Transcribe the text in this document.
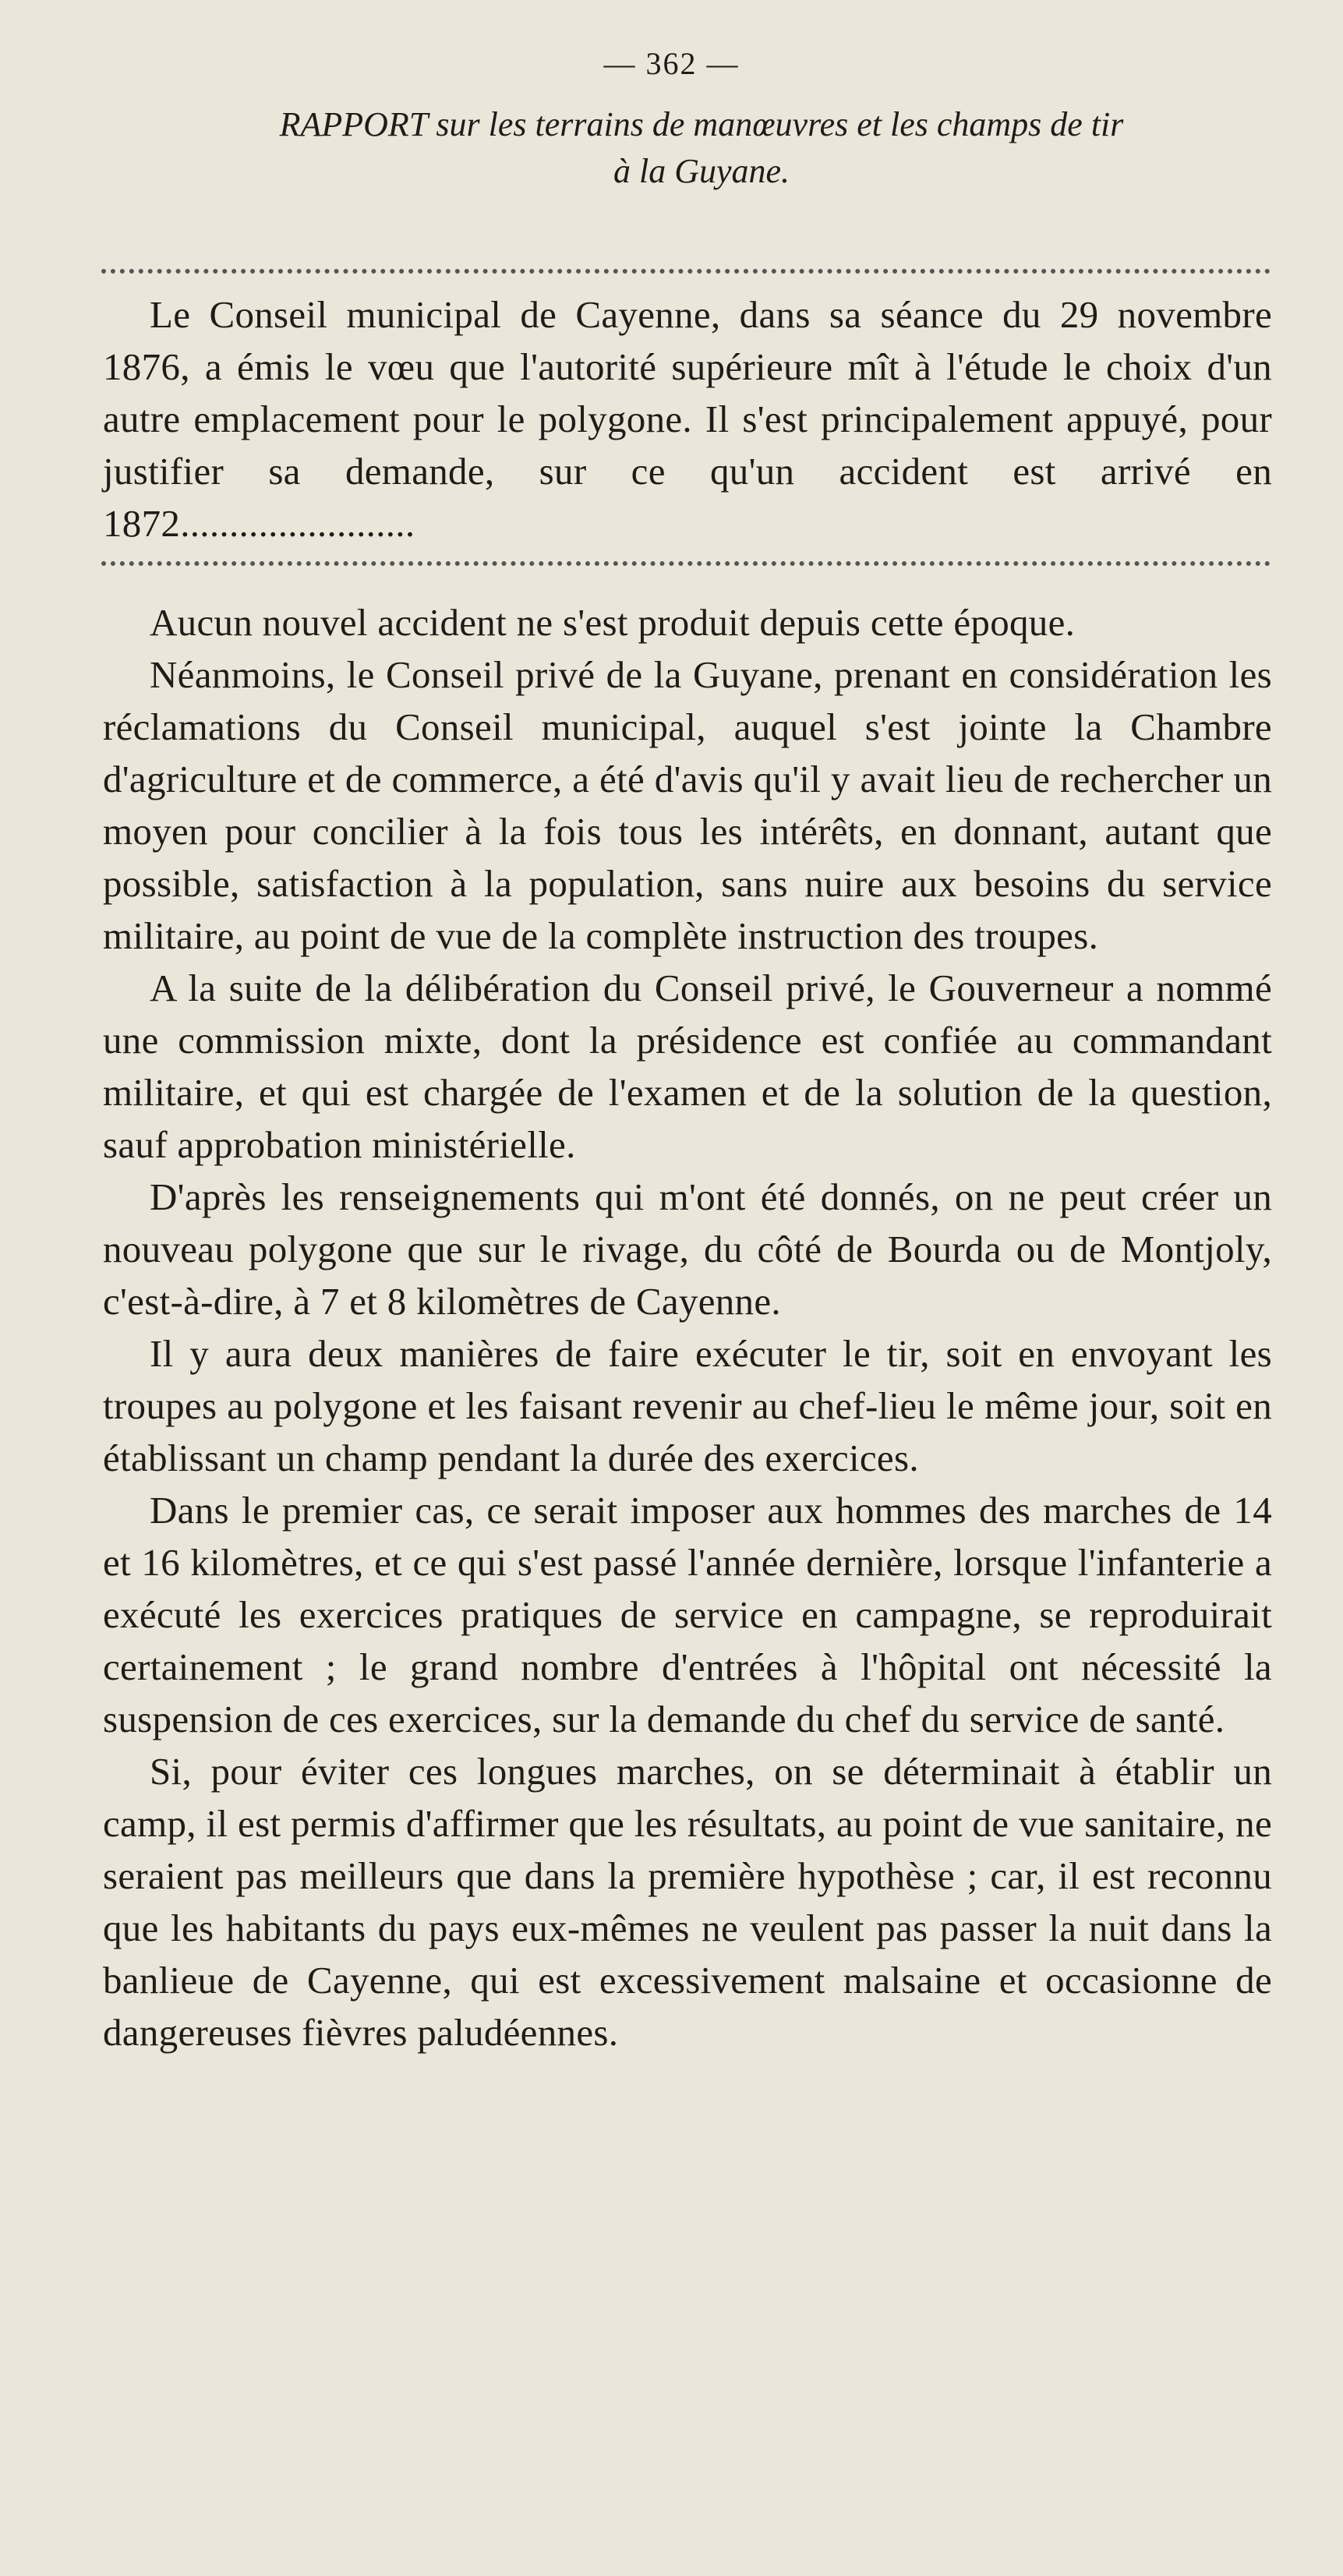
— 362 —
RAPPORT sur les terrains de manœuvres et les champs de tir
à la Guyane.

Le Conseil municipal de Cayenne, dans sa séance du 29 novembre 1876, a émis le vœu que l'autorité supérieure mît à l'étude le choix d'un autre emplacement pour le polygone. Il s'est principalement appuyé, pour justifier sa demande, sur ce qu'un accident est arrivé en 1872........................

Aucun nouvel accident ne s'est produit depuis cette époque.

Néanmoins, le Conseil privé de la Guyane, prenant en considération les réclamations du Conseil municipal, auquel s'est jointe la Chambre d'agriculture et de commerce, a été d'avis qu'il y avait lieu de rechercher un moyen pour concilier à la fois tous les intérêts, en donnant, autant que possible, satisfaction à la population, sans nuire aux besoins du service militaire, au point de vue de la complète instruction des troupes.

A la suite de la délibération du Conseil privé, le Gouverneur a nommé une commission mixte, dont la présidence est confiée au commandant militaire, et qui est chargée de l'examen et de la solution de la question, sauf approbation ministérielle.

D'après les renseignements qui m'ont été donnés, on ne peut créer un nouveau polygone que sur le rivage, du côté de Bourda ou de Montjoly, c'est-à-dire, à 7 et 8 kilomètres de Cayenne.

Il y aura deux manières de faire exécuter le tir, soit en envoyant les troupes au polygone et les faisant revenir au chef-lieu le même jour, soit en établissant un champ pendant la durée des exercices.

Dans le premier cas, ce serait imposer aux hommes des marches de 14 et 16 kilomètres, et ce qui s'est passé l'année dernière, lorsque l'infanterie a exécuté les exercices pratiques de service en campagne, se reproduirait certainement ; le grand nombre d'entrées à l'hôpital ont nécessité la suspension de ces exercices, sur la demande du chef du service de santé.

Si, pour éviter ces longues marches, on se déterminait à établir un camp, il est permis d'affirmer que les résultats, au point de vue sanitaire, ne seraient pas meilleurs que dans la première hypothèse ; car, il est reconnu que les habitants du pays eux-mêmes ne veulent pas passer la nuit dans la banlieue de Cayenne, qui est excessivement malsaine et occasionne de dangereuses fièvres paludéennes.
